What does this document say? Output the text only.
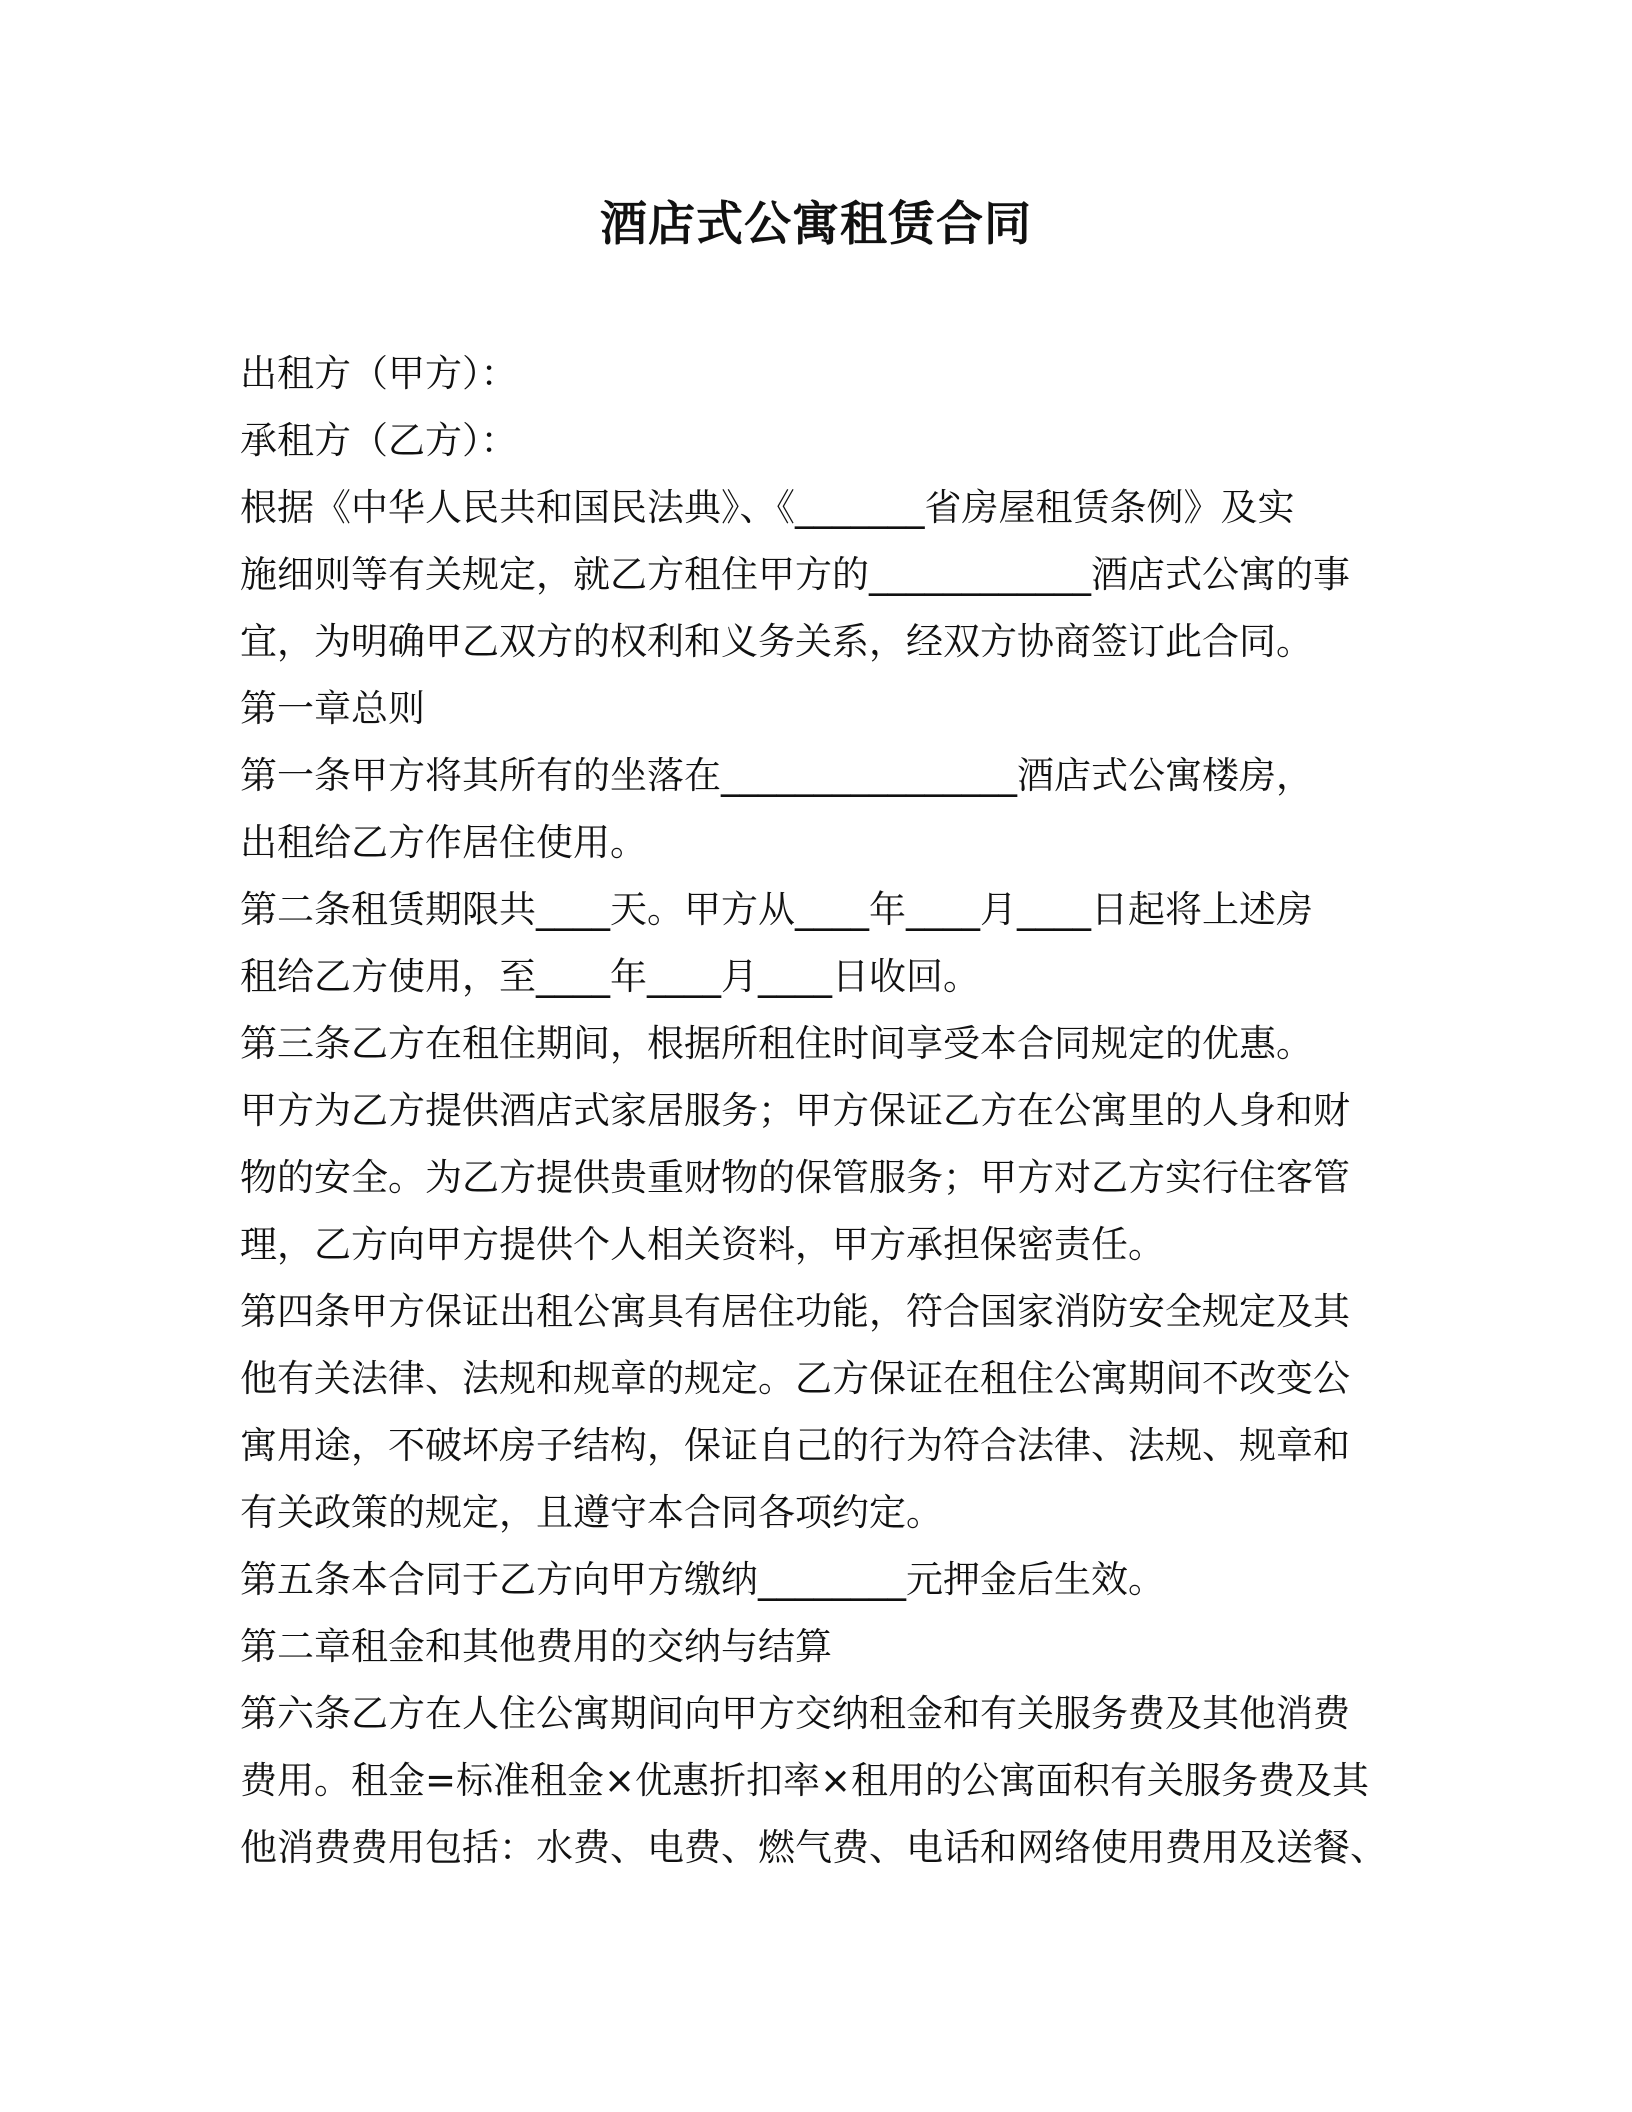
酒店式公寓租赁合同
出租方（甲方）：
承租方（乙方）：
根据《中华人民共和国民法典》、《_______省房屋租赁条例》及实
施细则等有关规定，就乙方租住甲方的____________酒店式公寓的事
宜，为明确甲乙双方的权利和义务关系，经双方协商签订此合同。
第一章总则
第一条甲方将其所有的坐落在________________酒店式公寓楼房，
出租给乙方作居住使用。
第二条租赁期限共____天。甲方从____年____月____日起将上述房
租给乙方使用，至____年____月____日收回。
第三条乙方在租住期间，根据所租住时间享受本合同规定的优惠。
甲方为乙方提供酒店式家居服务；甲方保证乙方在公寓里的人身和财
物的安全。为乙方提供贵重财物的保管服务；甲方对乙方实行住客管
理，乙方向甲方提供个人相关资料，甲方承担保密责任。
第四条甲方保证出租公寓具有居住功能，符合国家消防安全规定及其
他有关法律、法规和规章的规定。乙方保证在租住公寓期间不改变公
寓用途，不破坏房子结构，保证自己的行为符合法律、法规、规章和
有关政策的规定，且遵守本合同各项约定。
第五条本合同于乙方向甲方缴纳________元押金后生效。
第二章租金和其他费用的交纳与结算
第六条乙方在人住公寓期间向甲方交纳租金和有关服务费及其他消费
费用。租金=标准租金×优惠折扣率×租用的公寓面积有关服务费及其
他消费费用包括：水费、电费、燃气费、电话和网络使用费用及送餐、
